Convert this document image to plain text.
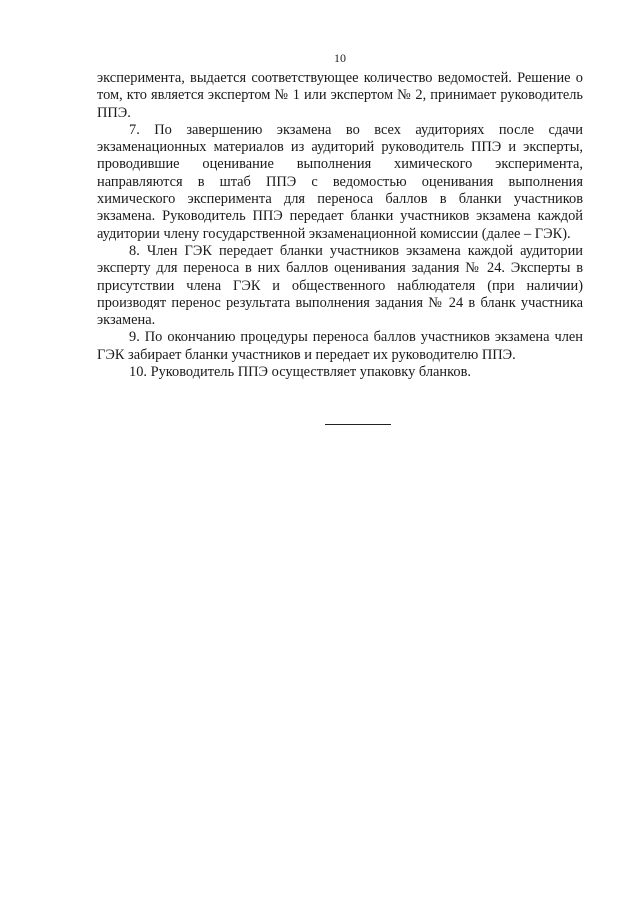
10

эксперимента, выдается соответствующее количество ведомостей. Решение о том, кто является экспертом № 1 или экспертом № 2, принимает руководитель ППЭ.

7. По завершению экзамена во всех аудиториях после сдачи экзаменационных материалов из аудиторий руководитель ППЭ и эксперты, проводившие оценивание выполнения химического эксперимента, направляются в штаб ППЭ с ведомостью оценивания выполнения химического эксперимента для переноса баллов в бланки участников экзамена. Руководитель ППЭ передает бланки участников экзамена каждой аудитории члену государственной экзаменационной комиссии (далее – ГЭК).

8. Член ГЭК передает бланки участников экзамена каждой аудитории эксперту для переноса в них баллов оценивания задания № 24. Эксперты в присутствии члена ГЭК и общественного наблюдателя (при наличии) производят перенос результата выполнения задания № 24 в бланк участника экзамена.

9. По окончанию процедуры переноса баллов участников экзамена член ГЭК забирает бланки участников и передает их руководителю ППЭ.

10. Руководитель ППЭ осуществляет упаковку бланков.
